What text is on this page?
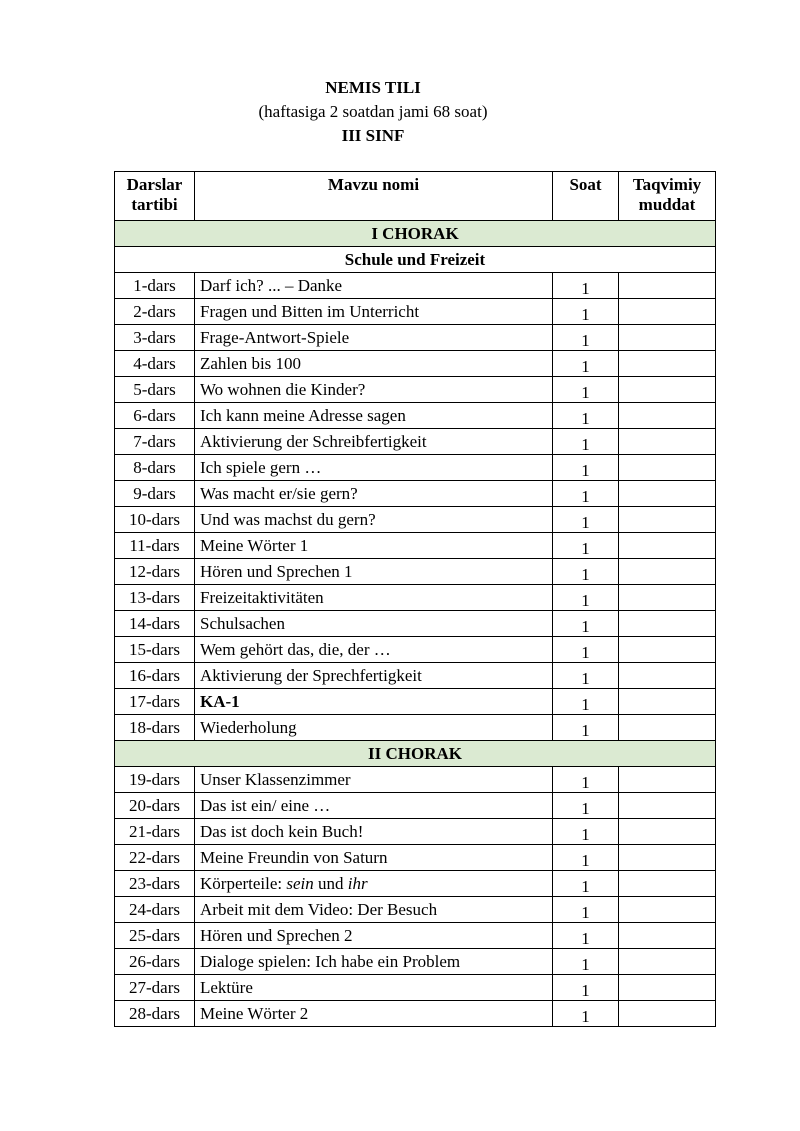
NEMIS TILI
(haftasiga 2 soatdan jami 68 soat)
III SINF
Darslar
tartibi	Mavzu nomi	Soat	Taqvimiy
muddat
I CHORAK			
Schule und Freizeit			
1-dars	Darf ich? ... – Danke	1	
2-dars	Fragen und Bitten im Unterricht	1	
3-dars	Frage-Antwort-Spiele	1	
4-dars	Zahlen bis 100	1	
5-dars	Wo wohnen die Kinder?	1	
6-dars	Ich kann meine Adresse sagen	1	
7-dars	Aktivierung der Schreibfertigkeit	1	
8-dars	Ich spiele gern …	1	
9-dars	Was macht er/sie gern?	1	
10-dars	Und was machst du gern?	1	
11-dars	Meine Wörter 1	1	
12-dars	Hören und Sprechen 1	1	
13-dars	Freizeitaktivitäten	1	
14-dars	Schulsachen	1	
15-dars	Wem gehört das, die, der …	1	
16-dars	Aktivierung der Sprechfertigkeit	1	
17-dars	KA-1	1	
18-dars	Wiederholung	1	
II CHORAK			
19-dars	Unser Klassenzimmer	1	
20-dars	Das ist ein/ eine …	1	
21-dars	Das ist doch kein Buch!	1	
22-dars	Meine Freundin von Saturn	1	
23-dars	Körperteile: sein und ihr	1	
24-dars	Arbeit mit dem Video: Der Besuch	1	
25-dars	Hören und Sprechen 2	1	
26-dars	Dialoge spielen: Ich habe ein Problem	1	
27-dars	Lektüre	1	
28-dars	Meine Wörter 2	1	
